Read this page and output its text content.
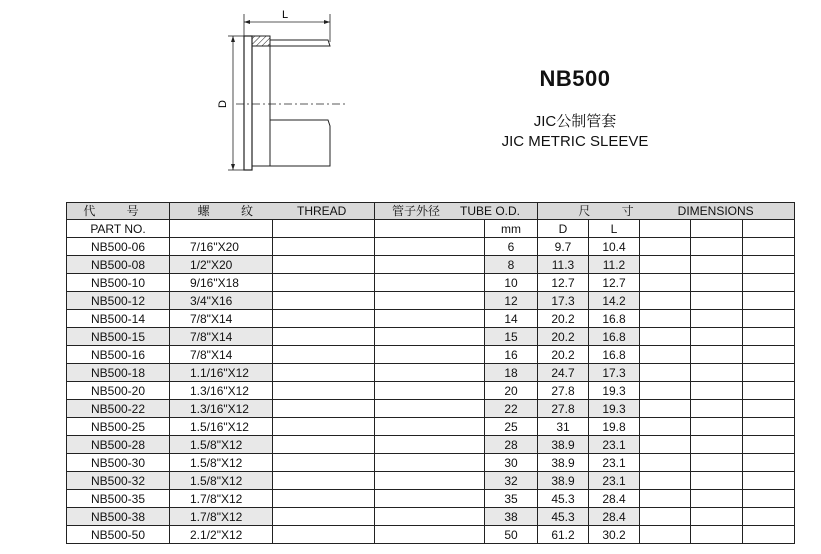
L
D
NB500
JIC公制管套
JIC METRIC SLEEVE
代 号	螺 纹 THREAD		管子外径 TUBE O.D.		尺 寸 DIMENSIONS				
PART NO.				mm	D	L			
NB500-06	7/16"X20			6	9.7	10.4			
NB500-08	1/2"X20			8	11.3	11.2			
NB500-10	9/16"X18			10	12.7	12.7			
NB500-12	3/4"X16			12	17.3	14.2			
NB500-14	7/8"X14			14	20.2	16.8			
NB500-15	7/8"X14			15	20.2	16.8			
NB500-16	7/8"X14			16	20.2	16.8			
NB500-18	1.1/16"X12			18	24.7	17.3			
NB500-20	1.3/16"X12			20	27.8	19.3			
NB500-22	1.3/16"X12			22	27.8	19.3			
NB500-25	1.5/16"X12			25	31	19.8			
NB500-28	1.5/8"X12			28	38.9	23.1			
NB500-30	1.5/8"X12			30	38.9	23.1			
NB500-32	1.5/8"X12			32	38.9	23.1			
NB500-35	1.7/8"X12			35	45.3	28.4			
NB500-38	1.7/8"X12			38	45.3	28.4			
NB500-50	2.1/2"X12			50	61.2	30.2			
